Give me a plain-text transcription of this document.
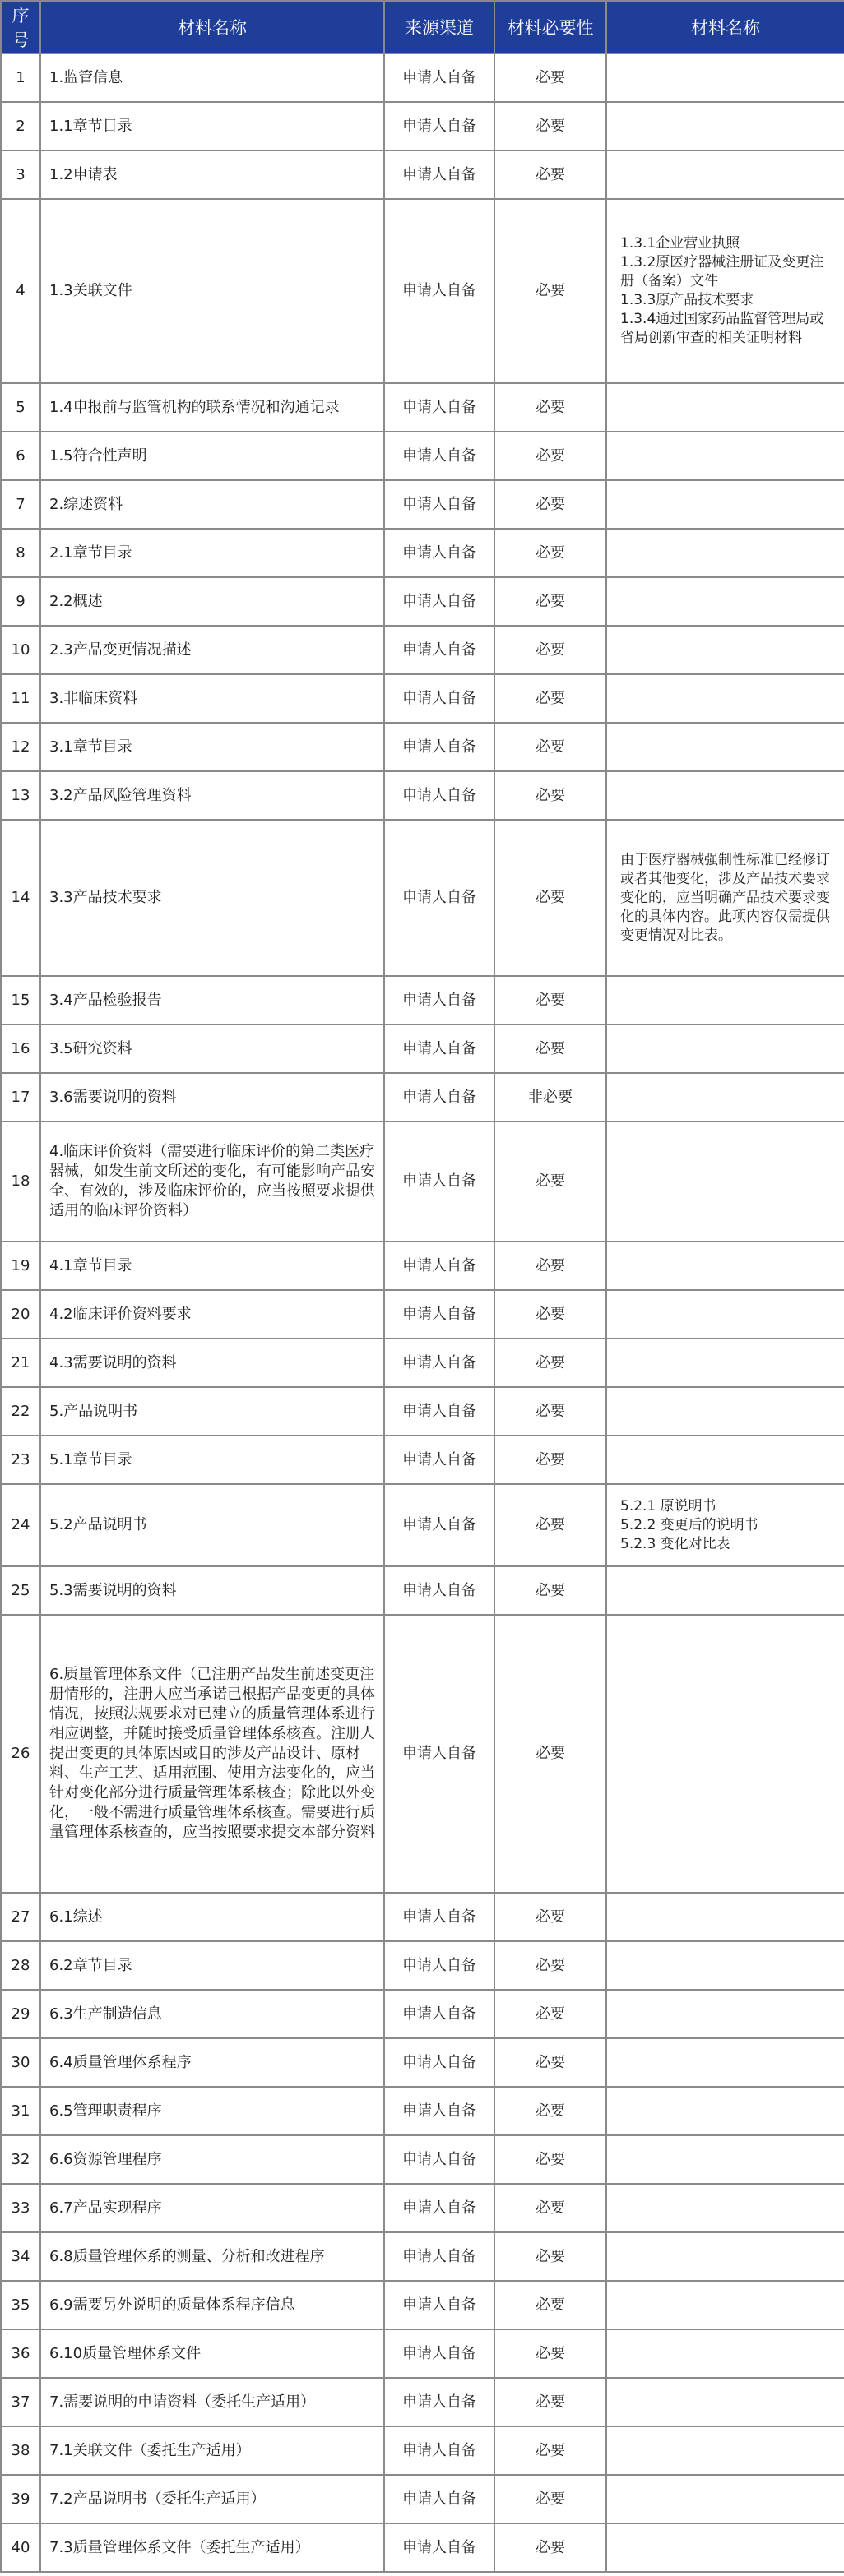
序号	材料名称	来源渠道	材料必要性	材料名称
1	1.监管信息	申请人自备	必要	
2	1.1章节目录	申请人自备	必要	
3	1.2申请表	申请人自备	必要	
4	1.3关联文件	申请人自备	必要	1.3.1企业营业执照
1.3.2原医疗器械注册证及变更注册（备案）文件
1.3.3原产品技术要求
1.3.4通过国家药品监督管理局或省局创新审查的相关证明材料
5	1.4申报前与监管机构的联系情况和沟通记录	申请人自备	必要	
6	1.5符合性声明	申请人自备	必要	
7	2.综述资料	申请人自备	必要	
8	2.1章节目录	申请人自备	必要	
9	2.2概述	申请人自备	必要	
10	2.3产品变更情况描述	申请人自备	必要	
11	3.非临床资料	申请人自备	必要	
12	3.1章节目录	申请人自备	必要	
13	3.2产品风险管理资料	申请人自备	必要	
14	3.3产品技术要求	申请人自备	必要	由于医疗器械强制性标准已经修订或者其他变化，涉及产品技术要求变化的，应当明确产品技术要求变化的具体内容。此项内容仅需提供变更情况对比表。
15	3.4产品检验报告	申请人自备	必要	
16	3.5研究资料	申请人自备	必要	
17	3.6需要说明的资料	申请人自备	非必要	
18	4.临床评价资料（需要进行临床评价的第二类医疗器械，如发生前文所述的变化，有可能影响产品安全、有效的，涉及临床评价的，应当按照要求提供适用的临床评价资料）	申请人自备	必要	
19	4.1章节目录	申请人自备	必要	
20	4.2临床评价资料要求	申请人自备	必要	
21	4.3需要说明的资料	申请人自备	必要	
22	5.产品说明书	申请人自备	必要	
23	5.1章节目录	申请人自备	必要	
24	5.2产品说明书	申请人自备	必要	5.2.1 原说明书
5.2.2 变更后的说明书
5.2.3 变化对比表
25	5.3需要说明的资料	申请人自备	必要	
26	6.质量管理体系文件（已注册产品发生前述变更注册情形的，注册人应当承诺已根据产品变更的具体情况，按照法规要求对已建立的质量管理体系进行相应调整，并随时接受质量管理体系核查。注册人提出变更的具体原因或目的涉及产品设计、原材料、生产工艺、适用范围、使用方法变化的，应当针对变化部分进行质量管理体系核查；除此以外变化，一般不需进行质量管理体系核查。需要进行质量管理体系核查的，应当按照要求提交本部分资料	申请人自备	必要	
27	6.1综述	申请人自备	必要	
28	6.2章节目录	申请人自备	必要	
29	6.3生产制造信息	申请人自备	必要	
30	6.4质量管理体系程序	申请人自备	必要	
31	6.5管理职责程序	申请人自备	必要	
32	6.6资源管理程序	申请人自备	必要	
33	6.7产品实现程序	申请人自备	必要	
34	6.8质量管理体系的测量、分析和改进程序	申请人自备	必要	
35	6.9需要另外说明的质量体系程序信息	申请人自备	必要	
36	6.10质量管理体系文件	申请人自备	必要	
37	7.需要说明的申请资料（委托生产适用）	申请人自备	必要	
38	7.1关联文件（委托生产适用）	申请人自备	必要	
39	7.2产品说明书（委托生产适用）	申请人自备	必要	
40	7.3质量管理体系文件（委托生产适用）	申请人自备	必要	
